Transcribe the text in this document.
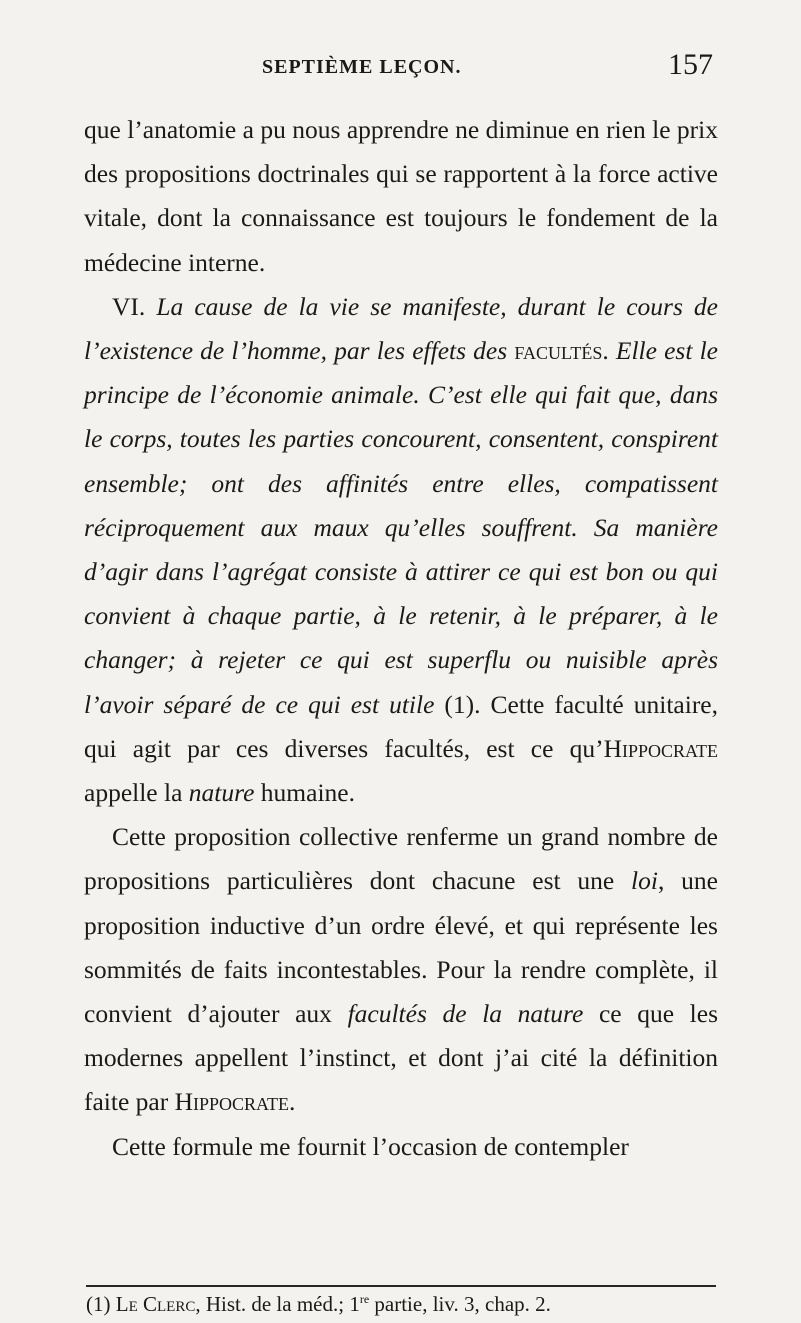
SEPTIÈME LEÇON.	157

que l’anatomie a pu nous apprendre ne diminue en rien le prix des propositions doctrinales qui se rapportent à la force active vitale, dont la connaissance est toujours le fondement de la médecine interne.

VI. La cause de la vie se manifeste, durant le cours de l’existence de l’homme, par les effets des facultés. Elle est le principe de l’économie animale. C’est elle qui fait que, dans le corps, toutes les parties concourent, consentent, conspirent ensemble; ont des affinités entre elles, compatissent réciproquement aux maux qu’elles souffrent. Sa manière d’agir dans l’agrégat consiste à attirer ce qui est bon ou qui convient à chaque partie, à le retenir, à le préparer, à le changer; à rejeter ce qui est superflu ou nuisible après l’avoir séparé de ce qui est utile (1). Cette faculté unitaire, qui agit par ces diverses facultés, est ce qu’Hippocrate appelle la nature humaine.

Cette proposition collective renferme un grand nombre de propositions particulières dont chacune est une loi, une proposition inductive d’un ordre élevé, et qui représente les sommités de faits incontestables. Pour la rendre complète, il convient d’ajouter aux facultés de la nature ce que les modernes appellent l’instinct, et dont j’ai cité la définition faite par Hippocrate.

Cette formule me fournit l’occasion de contempler

(1) Le Clerc, Hist. de la méd.; 1re partie, liv. 3, chap. 2.
